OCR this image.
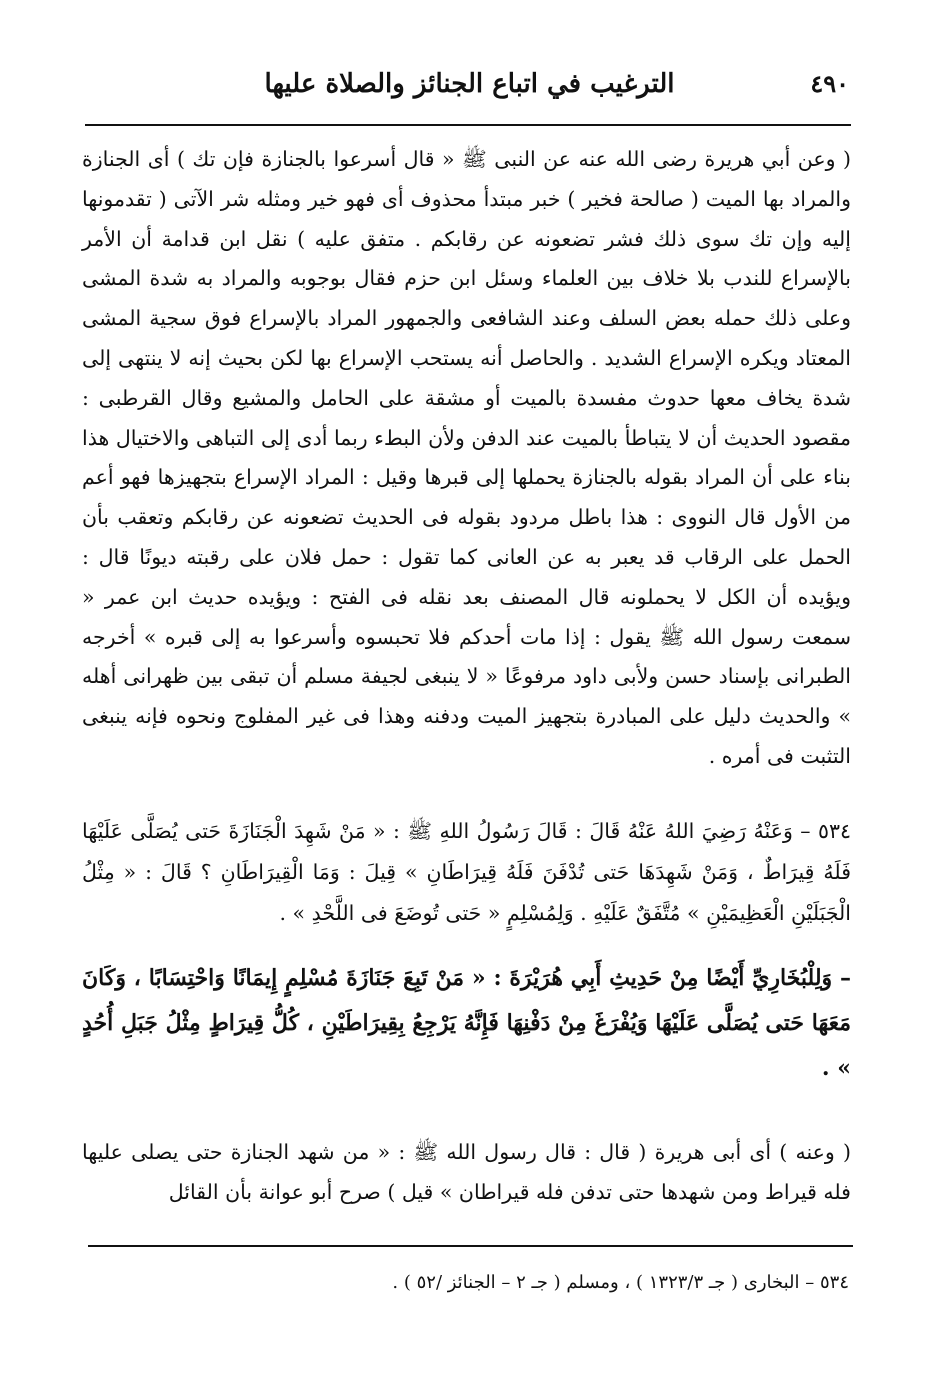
٤٩٠
الترغيب في اتباع الجنائز والصلاة عليها

( وعن أبي هريرة رضى الله عنه عن النبى ﷺ « قال أسرعوا بالجنازة فإن تك ) أى الجنازة والمراد بها الميت ( صالحة فخير ) خبر مبتدأ محذوف أى فهو خير ومثله شر الآتى ( تقدمونها إليه وإن تك سوى ذلك فشر تضعونه عن رقابكم . متفق عليه ) نقل ابن قدامة أن الأمر بالإسراع للندب بلا خلاف بين العلماء وسئل ابن حزم فقال بوجوبه والمراد به شدة المشى وعلى ذلك حمله بعض السلف وعند الشافعى والجمهور المراد بالإسراع فوق سجية المشى المعتاد ويكره الإسراع الشديد . والحاصل أنه يستحب الإسراع بها لكن بحيث إنه لا ينتهى إلى شدة يخاف معها حدوث مفسدة بالميت أو مشقة على الحامل والمشيع وقال القرطبى : مقصود الحديث أن لا يتباطأ بالميت عند الدفن ولأن البطء ربما أدى إلى التباهى والاختيال هذا بناء على أن المراد بقوله بالجنازة يحملها إلى قبرها وقيل : المراد الإسراع بتجهيزها فهو أعم من الأول قال النووى : هذا باطل مردود بقوله فى الحديث تضعونه عن رقابكم وتعقب بأن الحمل على الرقاب قد يعبر به عن العانى كما تقول : حمل فلان على رقبته ديونًا قال : ويؤيده أن الكل لا يحملونه قال المصنف بعد نقله فى الفتح : ويؤيده حديث ابن عمر « سمعت رسول الله ﷺ يقول : إذا مات أحدكم فلا تحبسوه وأسرعوا به إلى قبره » أخرجه الطبرانى بإسناد حسن ولأبى داود مرفوعًا « لا ينبغى لجيفة مسلم أن تبقى بين ظهرانى أهله » والحديث دليل على المبادرة بتجهيز الميت ودفنه وهذا فى غير المفلوج ونحوه فإنه ينبغى التثبت فى أمره .

٥٣٤ – وَعَنْهُ رَضِيَ اللهُ عَنْهُ قَالَ : قَالَ رَسُولُ اللهِ ﷺ : « مَنْ شَهِدَ الْجَنَازَةَ حَتى يُصَلَّى عَلَيْهَا فَلَهُ قِيرَاطٌ ، وَمَنْ شَهِدَهَا حَتى تُدْفَنَ فَلَهُ قِيرَاطَانِ » قِيلَ : وَمَا الْقِيرَاطَانِ ؟ قَالَ : « مِثْلُ الْجَبَلَيْنِ الْعَظِيمَيْنِ » مُتَّفَقٌ عَلَيْهِ . وَلِمُسْلِمٍ « حَتى تُوضَعَ فى اللَّحْدِ » .

– وَلِلْبُخَارِيِّ أَيْضًا مِنْ حَدِيثِ أَبِي هُرَيْرَةَ : « مَنْ تَبِعَ جَنَازَةَ مُسْلِمٍ إِيمَانًا وَاحْتِسَابًا ، وَكَانَ مَعَهَا حَتى يُصَلَّى عَلَيْهَا وَيُفْرَغَ مِنْ دَفْنِهَا فَإِنَّهُ يَرْجِعُ بِقِيرَاطَيْنِ ، كُلُّ قِيرَاطٍ مِثْلُ جَبَلِ أُحُدٍ » .

( وعنه ) أى أبى هريرة ( قال : قال رسول الله ﷺ : « من شهد الجنازة حتى يصلى عليها فله قيراط ومن شهدها حتى تدفن فله قيراطان » قيل ) صرح أبو عوانة بأن القائل

٥٣٤ – البخارى ( جـ ١٣٢٣/٣ ) ، ومسلم ( جـ ٢ – الجنائز /٥٢ ) .
